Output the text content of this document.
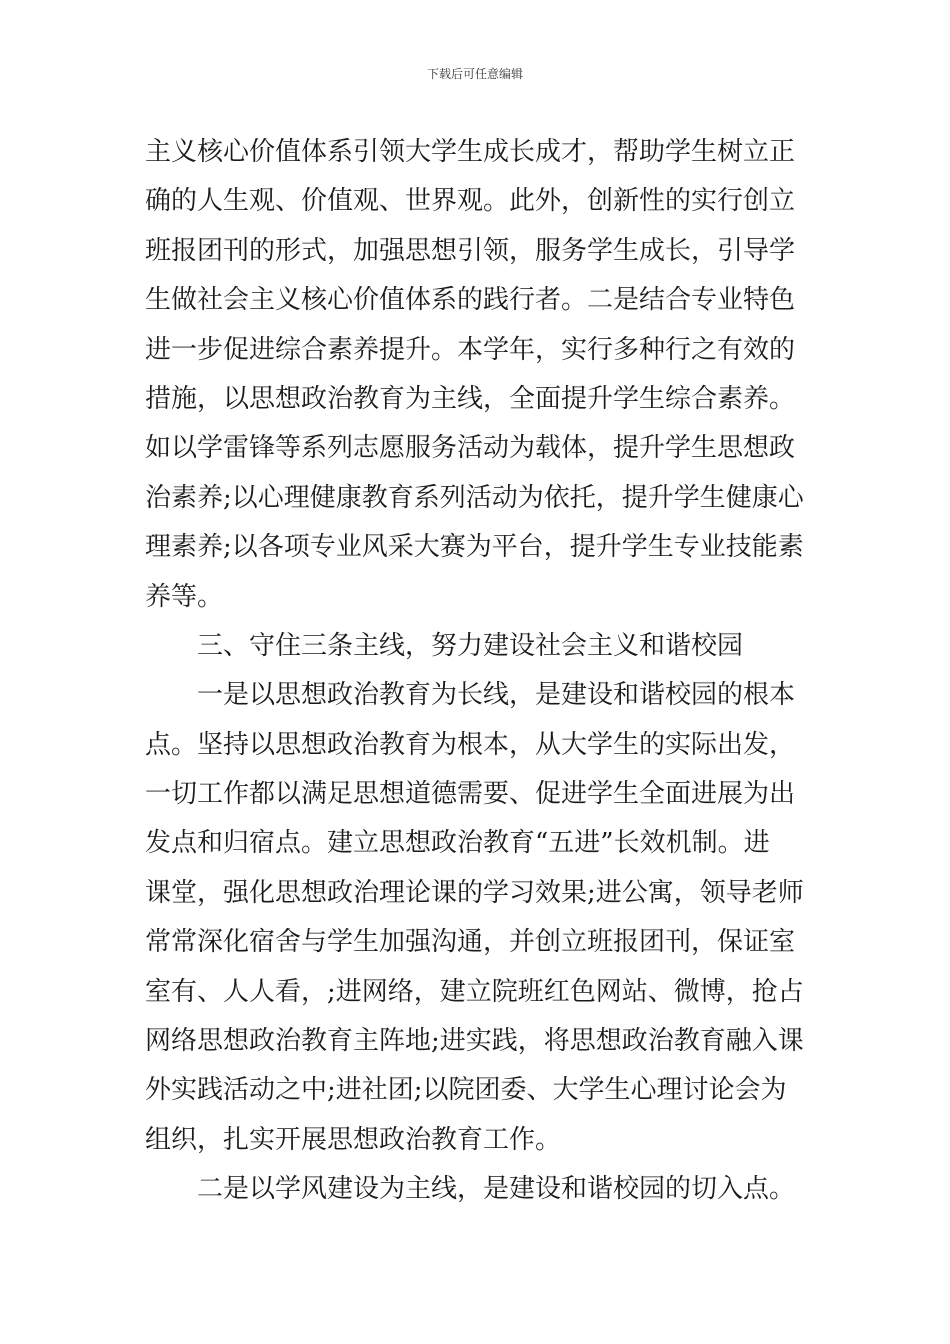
下载后可任意编辑
主义核心价值体系引领大学生成长成才，帮助学生树立正
确的人生观、价值观、世界观。此外，创新性的实行创立
班报团刊的形式，加强思想引领，服务学生成长，引导学
生做社会主义核心价值体系的践行者。二是结合专业特色
进一步促进综合素养提升。本学年，实行多种行之有效的
措施，以思想政治教育为主线，全面提升学生综合素养。
如以学雷锋等系列志愿服务活动为载体，提升学生思想政
治素养;以心理健康教育系列活动为依托，提升学生健康心
理素养;以各项专业风采大赛为平台，提升学生专业技能素
养等。
三、守住三条主线，努力建设社会主义和谐校园
一是以思想政治教育为长线，是建设和谐校园的根本
点。坚持以思想政治教育为根本，从大学生的实际出发，
一切工作都以满足思想道德需要、促进学生全面进展为出
发点和归宿点。建立思想政治教育“五进”长效机制。进
课堂，强化思想政治理论课的学习效果;进公寓，领导老师
常常深化宿舍与学生加强沟通，并创立班报团刊，保证室
室有、人人看，;进网络，建立院班红色网站、微博，抢占
网络思想政治教育主阵地;进实践，将思想政治教育融入课
外实践活动之中;进社团;以院团委、大学生心理讨论会为
组织，扎实开展思想政治教育工作。
二是以学风建设为主线，是建设和谐校园的切入点。
